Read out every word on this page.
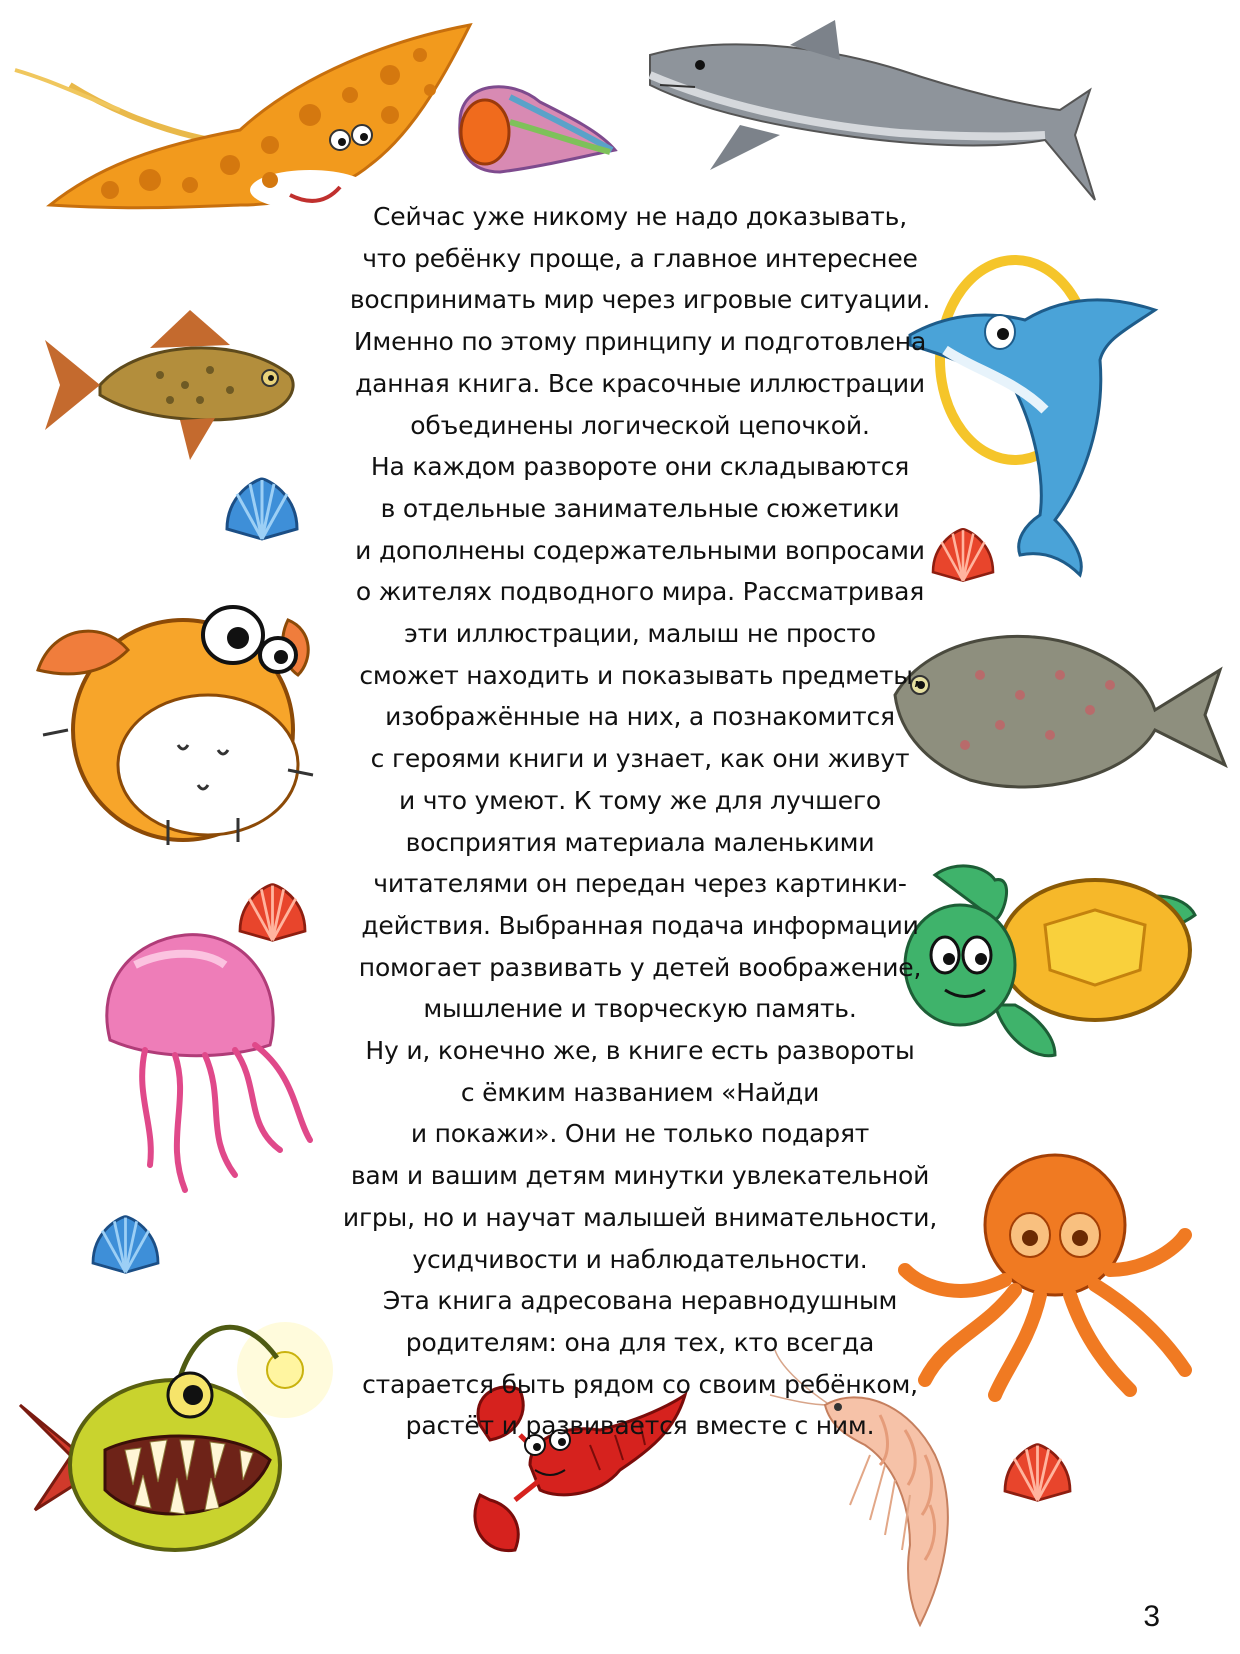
Сейчас уже никому не надо доказывать,
что ребёнку проще, а главное интереснее
воспринимать мир через игровые ситуации.
Именно по этому принципу и подготовлена
данная книга. Все красочные иллюстрации
объединены логической цепочкой.
На каждом развороте они складываются
в отдельные занимательные сюжетики
и дополнены содержательными вопросами
о жителях подводного мира. Рассматривая
эти иллюстрации, малыш не просто
сможет находить и показывать предметы,
изображённые на них, а познакомится
с героями книги и узнает, как они живут
и что умеют. К тому же для лучшего
восприятия материала маленькими
читателями он передан через картинки-
действия. Выбранная подача информации
помогает развивать у детей воображение,
мышление и творческую память.
Ну и, конечно же, в книге есть развороты
с ёмким названием «Найди
и покажи». Они не только подарят
вам и вашим детям минутки увлекательной
игры, но и научат малышей внимательности,
усидчивости и наблюдательности.
Эта книга адресована неравнодушным
родителям: она для тех, кто всегда
старается быть рядом со своим ребёнком,
растёт и развивается вместе с ним.
3
